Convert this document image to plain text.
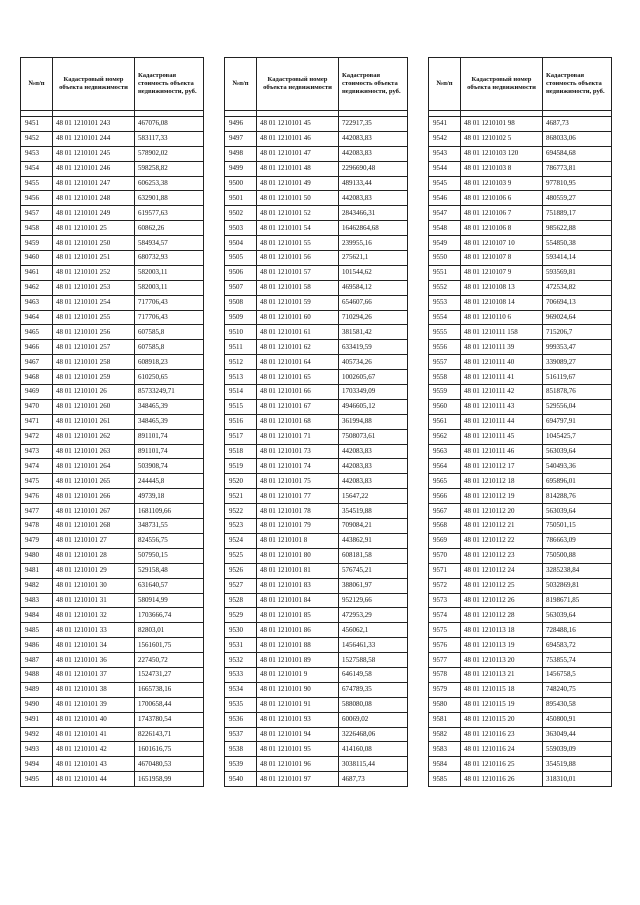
№п/п	Кадастровый номер объекта недвижимости	Кадастровая стоимость объекта недвижимости, руб.

9451	48 01 1210101 243	467076,08
9452	48 01 1210101 244	583117,33
9453	48 01 1210101 245	578902,02
9454	48 01 1210101 246	598258,82
9455	48 01 1210101 247	606253,38
9456	48 01 1210101 248	632901,88
9457	48 01 1210101 249	619577,63
9458	48 01 1210101 25	60862,26
9459	48 01 1210101 250	584934,57
9460	48 01 1210101 251	680732,93
9461	48 01 1210101 252	582003,11
9462	48 01 1210101 253	582003,11
9463	48 01 1210101 254	717706,43
9464	48 01 1210101 255	717706,43
9465	48 01 1210101 256	607585,8
9466	48 01 1210101 257	607585,8
9467	48 01 1210101 258	608918,23
9468	48 01 1210101 259	610250,65
9469	48 01 1210101 26	85733249,71
9470	48 01 1210101 260	348465,39
9471	48 01 1210101 261	348465,39
9472	48 01 1210101 262	891101,74
9473	48 01 1210101 263	891101,74
9474	48 01 1210101 264	503908,74
9475	48 01 1210101 265	244445,8
9476	48 01 1210101 266	49739,18
9477	48 01 1210101 267	1681109,66
9478	48 01 1210101 268	348731,55
9479	48 01 1210101 27	824556,75
9480	48 01 1210101 28	507950,15
9481	48 01 1210101 29	529158,48
9482	48 01 1210101 30	631640,57
9483	48 01 1210101 31	580914,99
9484	48 01 1210101 32	1703666,74
9485	48 01 1210101 33	82803,01
9486	48 01 1210101 34	1561601,75
9487	48 01 1210101 36	227450,72
9488	48 01 1210101 37	1524731,27
9489	48 01 1210101 38	1665738,16
9490	48 01 1210101 39	1700658,44
9491	48 01 1210101 40	1743780,54
9492	48 01 1210101 41	8226143,71
9493	48 01 1210101 42	1601616,75
9494	48 01 1210101 43	4670480,53
9495	48 01 1210101 44	1651958,99
№п/п	Кадастровый номер объекта недвижимости	Кадастровая стоимость объекта недвижимости, руб.

9496	48 01 1210101 45	722917,35
9497	48 01 1210101 46	442083,83
9498	48 01 1210101 47	442083,83
9499	48 01 1210101 48	2296690,48
9500	48 01 1210101 49	489133,44
9501	48 01 1210101 50	442083,83
9502	48 01 1210101 52	2843466,31
9503	48 01 1210101 54	16462864,68
9504	48 01 1210101 55	239955,16
9505	48 01 1210101 56	275621,1
9506	48 01 1210101 57	101544,62
9507	48 01 1210101 58	469584,12
9508	48 01 1210101 59	654607,66
9509	48 01 1210101 60	710294,26
9510	48 01 1210101 61	381581,42
9511	48 01 1210101 62	633419,59
9512	48 01 1210101 64	405734,26
9513	48 01 1210101 65	1002605,67
9514	48 01 1210101 66	1703349,09
9515	48 01 1210101 67	4946605,12
9516	48 01 1210101 68	361994,88
9517	48 01 1210101 71	7508073,61
9518	48 01 1210101 73	442083,83
9519	48 01 1210101 74	442083,83
9520	48 01 1210101 75	442083,83
9521	48 01 1210101 77	15647,22
9522	48 01 1210101 78	354519,88
9523	48 01 1210101 79	709084,21
9524	48 01 1210101 8	443862,91
9525	48 01 1210101 80	608181,58
9526	48 01 1210101 81	576745,21
9527	48 01 1210101 83	388061,97
9528	48 01 1210101 84	952129,66
9529	48 01 1210101 85	472953,29
9530	48 01 1210101 86	456062,1
9531	48 01 1210101 88	1456461,33
9532	48 01 1210101 89	1527588,58
9533	48 01 1210101 9	646149,58
9534	48 01 1210101 90	674789,35
9535	48 01 1210101 91	588080,08
9536	48 01 1210101 93	60069,02
9537	48 01 1210101 94	3226468,06
9538	48 01 1210101 95	414160,08
9539	48 01 1210101 96	3038115,44
9540	48 01 1210101 97	4687,73
№п/п	Кадастровый номер объекта недвижимости	Кадастровая стоимость объекта недвижимости, руб.

9541	48 01 1210101 98	4687,73
9542	48 01 1210102 5	868033,06
9543	48 01 1210103 120	694584,68
9544	48 01 1210103 8	786773,81
9545	48 01 1210103 9	977810,95
9546	48 01 1210106 6	480559,27
9547	48 01 1210106 7	751889,17
9548	48 01 1210106 8	985622,88
9549	48 01 1210107 10	554850,38
9550	48 01 1210107 8	593414,14
9551	48 01 1210107 9	593569,81
9552	48 01 1210108 13	472534,82
9553	48 01 1210108 14	706694,13
9554	48 01 1210110 6	969024,64
9555	48 01 1210111 158	715206,7
9556	48 01 1210111 39	999353,47
9557	48 01 1210111 40	339089,27
9558	48 01 1210111 41	516119,67
9559	48 01 1210111 42	851878,76
9560	48 01 1210111 43	529556,04
9561	48 01 1210111 44	694797,91
9562	48 01 1210111 45	1045425,7
9563	48 01 1210111 46	563039,64
9564	48 01 1210112 17	540493,36
9565	48 01 1210112 18	695896,01
9566	48 01 1210112 19	814288,76
9567	48 01 1210112 20	563039,64
9568	48 01 1210112 21	750501,15
9569	48 01 1210112 22	786663,09
9570	48 01 1210112 23	750500,88
9571	48 01 1210112 24	3285238,84
9572	48 01 1210112 25	5032869,81
9573	48 01 1210112 26	8198671,85
9574	48 01 1210112 28	563039,64
9575	48 01 1210113 18	728488,16
9576	48 01 1210113 19	694583,72
9577	48 01 1210113 20	753855,74
9578	48 01 1210113 21	1456758,5
9579	48 01 1210115 18	748240,75
9580	48 01 1210115 19	895430,58
9581	48 01 1210115 20	450800,91
9582	48 01 1210116 23	363049,44
9583	48 01 1210116 24	559039,09
9584	48 01 1210116 25	354519,88
9585	48 01 1210116 26	318310,01
